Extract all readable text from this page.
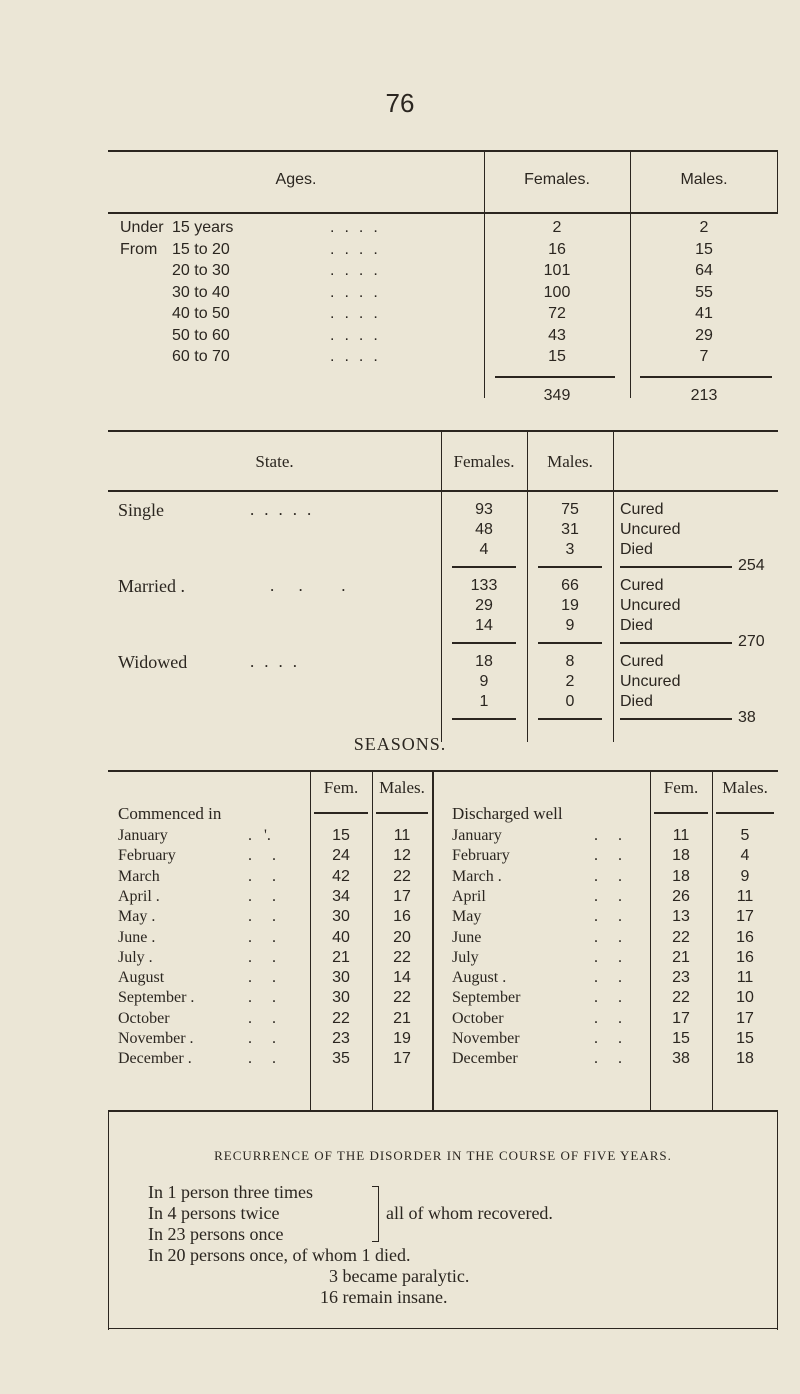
76
Ages.	Females.	Males.
Under 15 years	....	2	2
From 15 to 20	....	16	15
20 to 30	....	101	64
30 to 40	....	100	55
40 to 50	....	72	41
50 to 60	....	43	29
60 to 70	....	15	7
349	213
State.	Females.	Males.
Single	.....	93	75	Cured
48	31	Uncured
4	3	Died
254
Married .	. .  .	133	66	Cured
29	19	Uncured
14	9	Died
270
Widowed	....	18	8	Cured
9	2	Uncured
1	0	Died
38
SEASONS.
Fem.	Males.	Fem.	Males.
Commenced in	Discharged well
January	.   '.	15	11	January	.     .	11	5
February	.     .	24	12	February	.     .	18	4
March	.     .	42	22	March .	.     .	18	9
April .	.     .	34	17	April	.     .	26	11
May .	.     .	30	16	May	.     .	13	17
June .	.     .	40	20	June	.     .	22	16
July .	.     .	21	22	July	.     .	21	16
August	.     .	30	14	August .	.     .	23	11
September .	.     .	30	22	September	.     .	22	10
October	.     .	22	21	October	.     .	17	17
November .	.     .	23	19	November	.     .	15	15
December .	.     .	35	17	December	.     .	38	18
RECURRENCE OF THE DISORDER IN THE COURSE OF FIVE YEARS.
In 1 person three times
In 4 persons twice
In 23 persons once
all of whom recovered.
In 20 persons once, of whom 1 died.
3 became paralytic.
16 remain insane.
